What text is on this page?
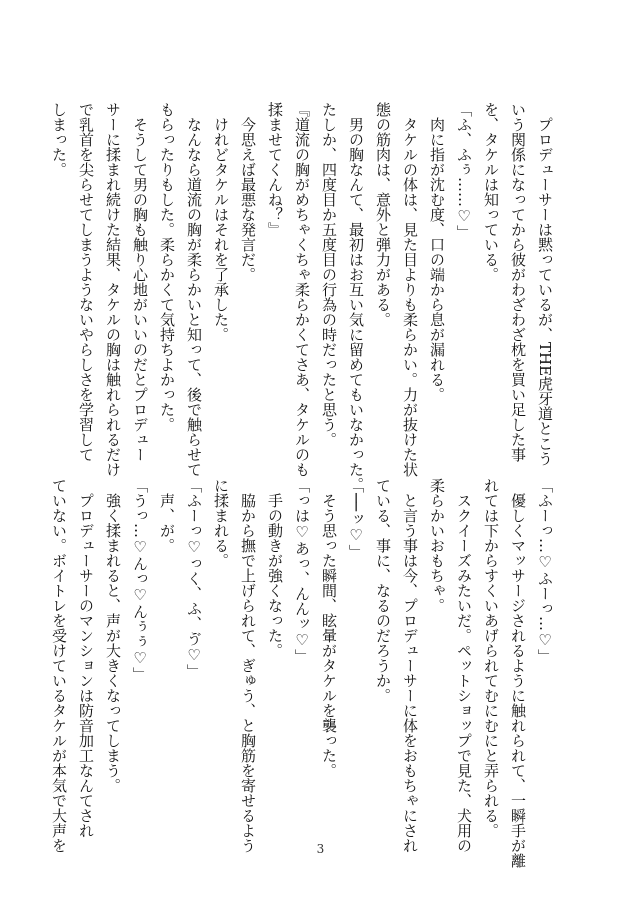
　プロデューサーは黙っているが、THE虎牙道とこう

いう関係になってから彼がわざわざ枕を買い足した事

を、タケルは知っている。

「ふ、ふぅ……♡」

　肉に指が沈む度、口の端から息が漏れる。

　タケルの体は、見た目よりも柔らかい。力が抜けた状

態の筋肉は、意外と弾力がある。

　男の胸なんて、最初はお互い気に留めてもいなかった。

たしか、四度目か五度目の行為の時だったと思う。

『道流の胸がめちゃくちゃ柔らかくてさあ、タケルのも

揉ませてくんね？』

　今思えば最悪な発言だ。

　けれどタケルはそれを了承した。

　なんなら道流の胸が柔らかいと知って、後で触らせて

もらったりもした。柔らかくて気持ちよかった。

　そうして男の胸も触り心地がいいのだとプロデュー

サーに揉まれ続けた結果、タケルの胸は触れられるだけ

で乳首を尖らせてしまうようないやらしさを学習して

しまった。

「ふーっ…♡ふーっ…♡」

　優しくマッサージされるように触れられて、一瞬手が離

れては下からすくいあげられてむにむにと弄られる。

　スクイーズみたいだ。ペットショップで見た、犬用の

柔らかいおもちゃ。

　と言う事は今、プロデューサーに体をおもちゃにされ

ている、事に、なるのだろうか。

「──ッ♡」

　そう思った瞬間、眩暈がタケルを襲った。

「っは♡あっ、んんッ♡」

　手の動きが強くなった。

　脇から撫で上げられて、ぎゅう、と胸筋を寄せるよう

に揉まれる。

「ふーっ♡っく、ふ、ゔ♡」

　声、が。

「うっ…♡んっ♡んぅぅ♡」

　強く揉まれると、声が大きくなってしまう。

　プロデューサーのマンションは防音加工なんてされ

ていない。ボイトレを受けているタケルが本気で大声を	3
